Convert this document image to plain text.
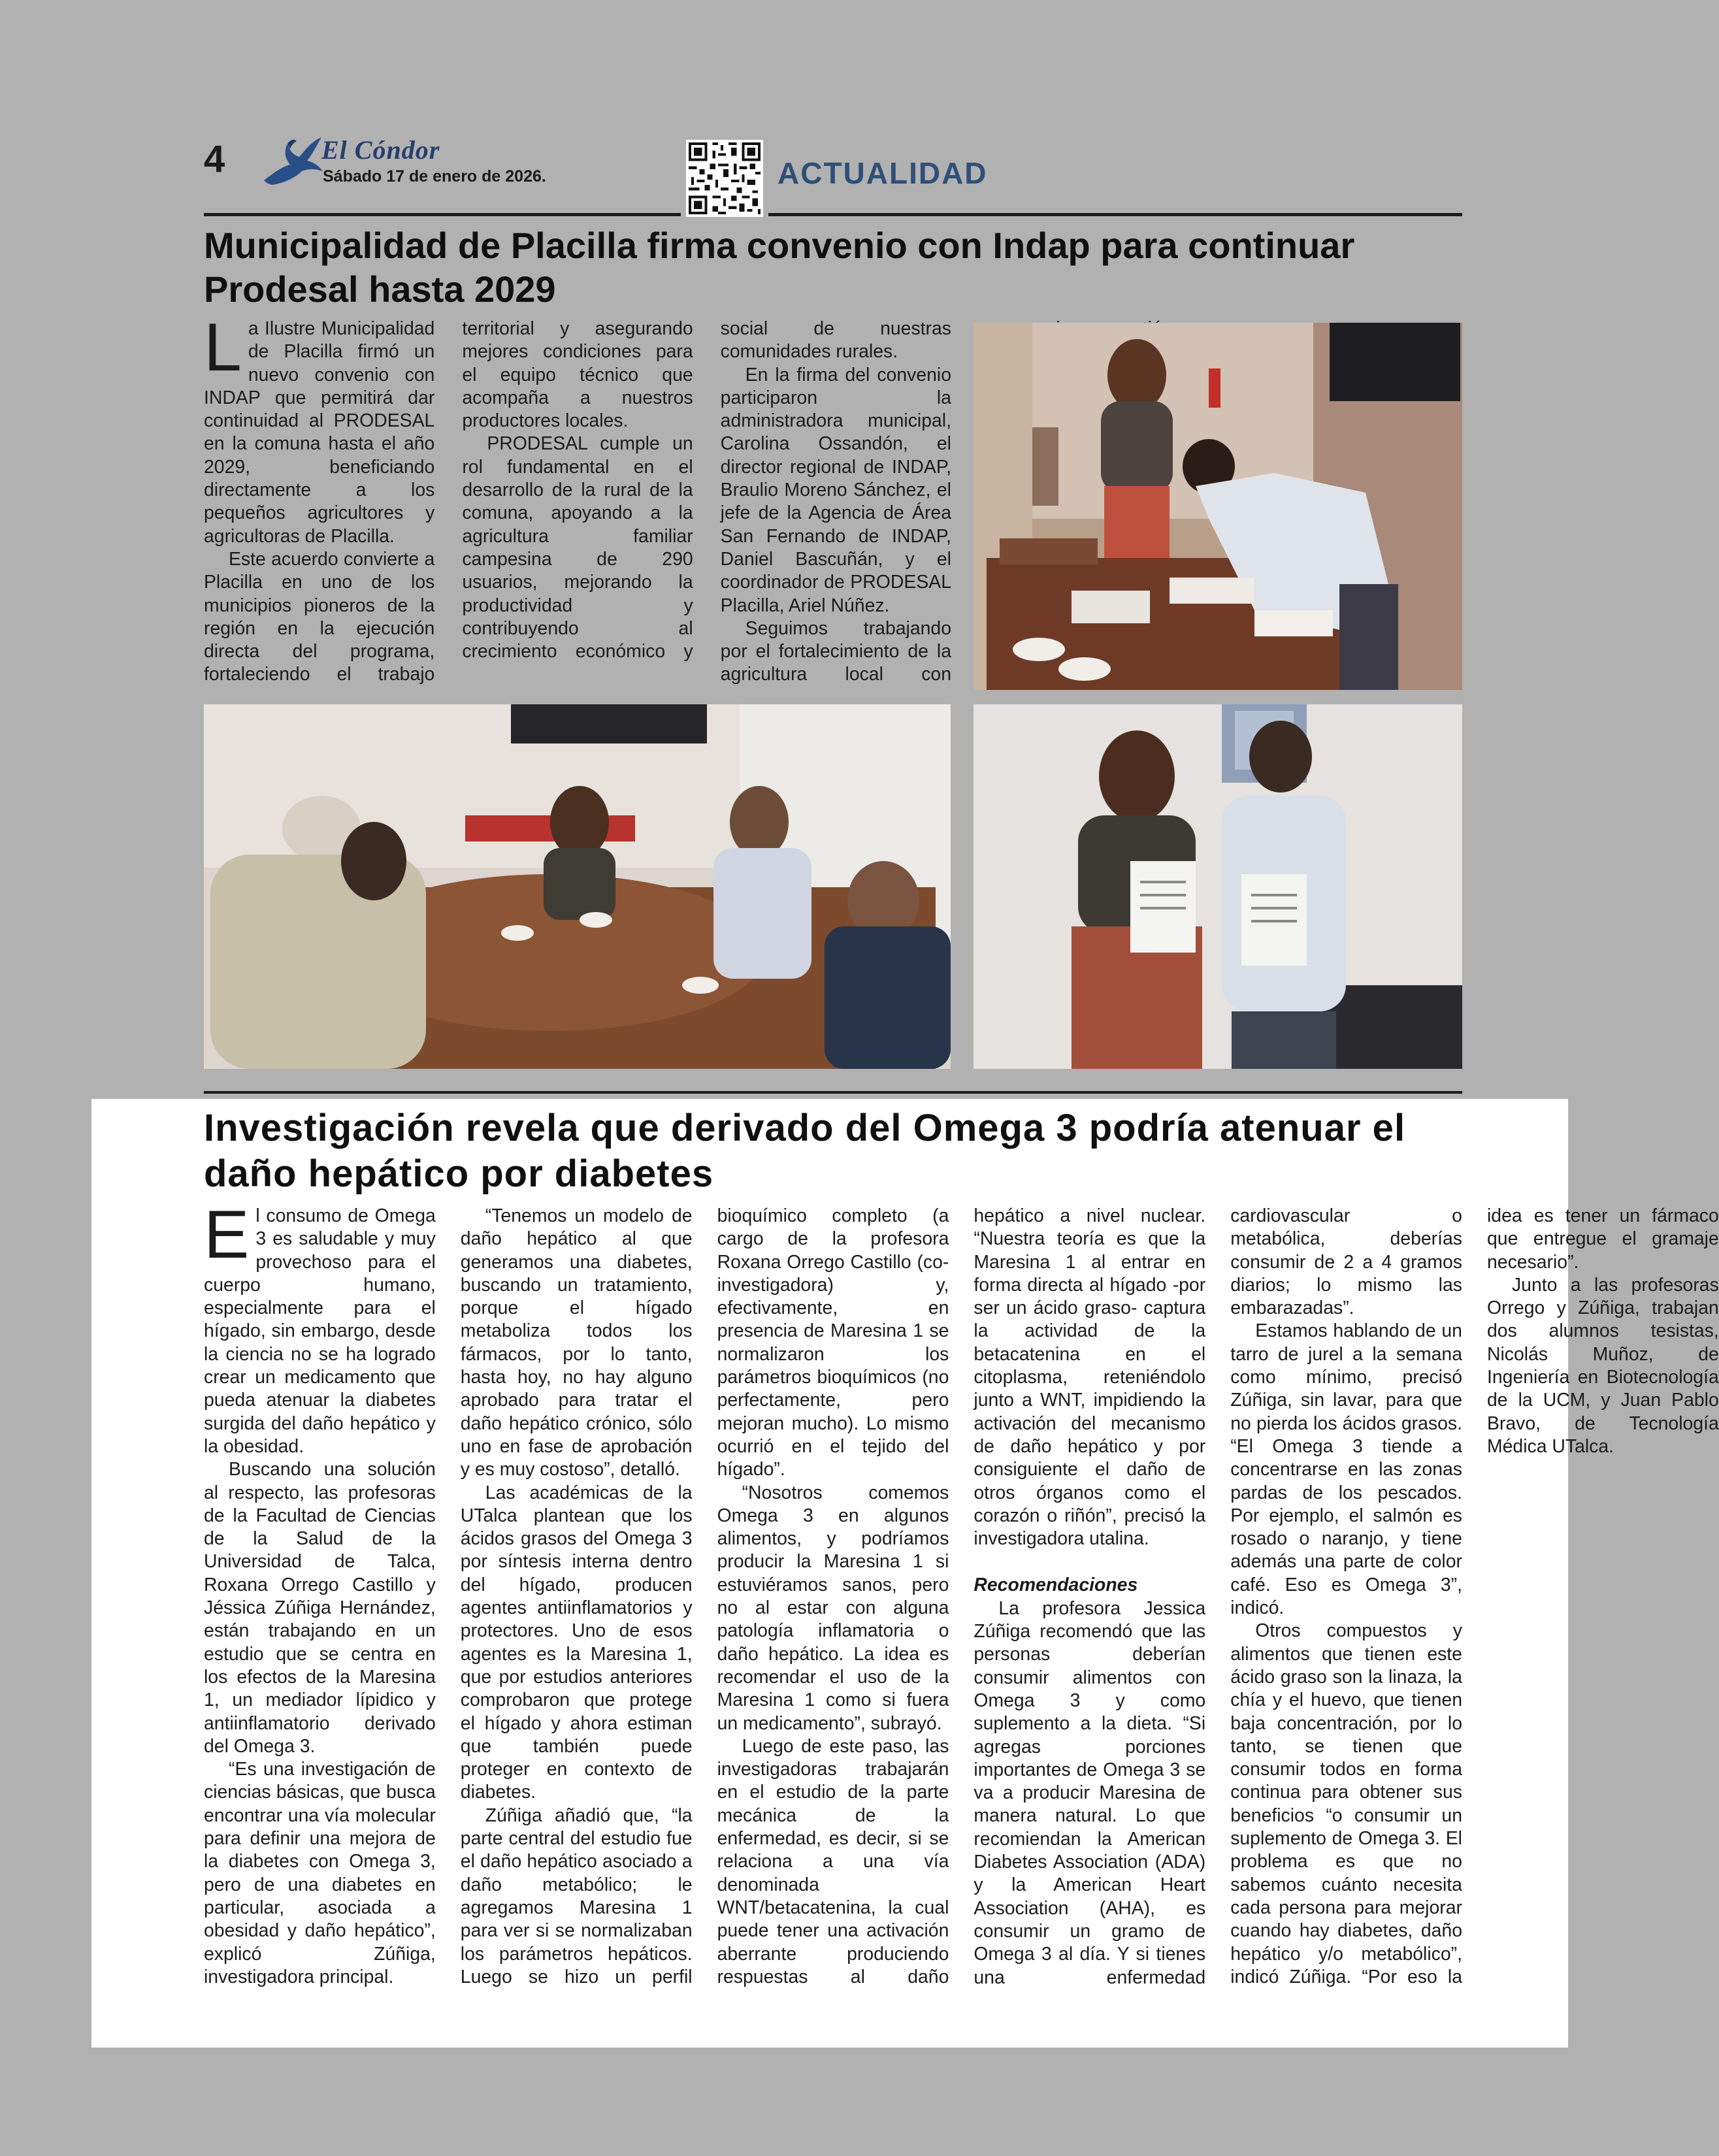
4	El Cóndor
Sábado 17 de enero de 2026.	ACTUALIDAD
Municipalidad de Placilla firma convenio con Indap para continuar Prodesal hasta 2029

La Ilustre Municipalidad de Placilla firmó un nuevo convenio con INDAP que permitirá dar continuidad al PRODESAL en la comuna hasta el año 2029, beneficiando directamente a los pequeños agricultores y agricultoras de Placilla.

Este acuerdo convierte a Placilla en uno de los municipios pioneros de la región en la ejecución directa del programa, fortaleciendo el trabajo territorial y asegurando mejores condiciones para el equipo técnico que acompaña a nuestros productores locales.

PRODESAL cumple un rol fundamental en el desarrollo de la rural de la comuna, apoyando a la agricultura familiar campesina de 290 usuarios, mejorando la productividad y contribuyendo al crecimiento económico y social de nuestras comunidades rurales.

En la firma del convenio participaron la administradora municipal, Carolina Ossandón, el director regional de INDAP, Braulio Moreno Sánchez, el jefe de la Agencia de Área San Fernando de INDAP, Daniel Bascuñán, y el coordinador de PRODESAL Placilla, Ariel Núñez.

Seguimos trabajando por el fortalecimiento de la agricultura local con

Investigación revela que derivado del Omega 3 podría atenuar el daño hepático por diabetes

El consumo de Omega 3 es saludable y muy provechoso para el cuerpo humano, especialmente para el hígado, sin embargo, desde la ciencia no se ha logrado crear un medicamento que pueda atenuar la diabetes surgida del daño hepático y la obesidad.

Buscando una solución al respecto, las profesoras de la Facultad de Ciencias de la Salud de la Universidad de Talca, Roxana Orrego Castillo y Jéssica Zúñiga Hernández, están trabajando en un estudio que se centra en los efectos de la Maresina 1, un mediador lípidico y antiinflamatorio derivado del Omega 3.

“Es una investigación de ciencias básicas, que busca encontrar una vía molecular para definir una mejora de la diabetes con Omega 3, pero de una diabetes en particular, asociada a obesidad y daño hepático”, explicó Zúñiga, investigadora principal.

“Tenemos un modelo de daño hepático al que generamos una diabetes, buscando un tratamiento, porque el hígado metaboliza todos los fármacos, por lo tanto, hasta hoy, no hay alguno aprobado para tratar el daño hepático crónico, sólo uno en fase de aprobación y es muy costoso”, detalló.

Las académicas de la UTalca plantean que los ácidos grasos del Omega 3 por síntesis interna dentro del hígado, producen agentes antiinflamatorios y protectores. Uno de esos agentes es la Maresina 1, que por estudios anteriores comprobaron que protege el hígado y ahora estiman que también puede proteger en contexto de diabetes.

Zúñiga añadió que, “la parte central del estudio fue el daño hepático asociado a daño metabólico; le agregamos Maresina 1 para ver si se normalizaban los parámetros hepáticos. Luego se hizo un perfil bioquímico completo (a cargo de la profesora Roxana Orrego Castillo (co-investigadora) y, efectivamente, en presencia de Maresina 1 se normalizaron los parámetros bioquímicos (no perfectamente, pero mejoran mucho). Lo mismo ocurrió en el tejido del hígado”.

“Nosotros comemos Omega 3 en algunos alimentos, y podríamos producir la Maresina 1 si estuviéramos sanos, pero no al estar con alguna patología inflamatoria o daño hepático. La idea es recomendar el uso de la Maresina 1 como si fuera un medicamento”, subrayó.

Luego de este paso, las investigadoras trabajarán en el estudio de la parte mecánica de la enfermedad, es decir, si se relaciona a una vía denominada WNT/betacatenina, la cual puede tener una activación aberrante produciendo respuestas al daño hepático a nivel nuclear. “Nuestra teoría es que la Maresina 1 al entrar en forma directa al hígado -por ser un ácido graso- captura la actividad de la betacatenina en el citoplasma, reteniéndolo junto a WNT, impidiendo la activación del mecanismo de daño hepático y por consiguiente el daño de otros órganos como el corazón o riñón”, precisó la investigadora utalina.

Recomendaciones

La profesora Jessica Zúñiga recomendó que las personas deberían consumir alimentos con Omega 3 y como suplemento a la dieta. “Si agregas porciones importantes de Omega 3 se va a producir Maresina de manera natural. Lo que recomiendan la American Diabetes Association (ADA) y la American Heart Association (AHA), es consumir un gramo de Omega 3 al día. Y si tienes una enfermedad cardiovascular o metabólica, deberías consumir de 2 a 4 gramos diarios; lo mismo las embarazadas”.

Estamos hablando de un tarro de jurel a la semana como mínimo, precisó Zúñiga, sin lavar, para que no pierda los ácidos grasos. “El Omega 3 tiende a concentrarse en las zonas pardas de los pescados. Por ejemplo, el salmón es rosado o naranjo, y tiene además una parte de color café. Eso es Omega 3”, indicó.

Otros compuestos y alimentos que tienen este ácido graso son la linaza, la chía y el huevo, que tienen baja concentración, por lo tanto, se tienen que consumir todos en forma continua para obtener sus beneficios “o consumir un suplemento de Omega 3. El problema es que no sabemos cuánto necesita cada persona para mejorar cuando hay diabetes, daño hepático y/o metabólico”, indicó Zúñiga. “Por eso la idea es tener un fármaco que entregue el gramaje necesario”.

Junto a las profesoras Orrego y Zúñiga, trabajan dos alumnos tesistas, Nicolás Muñoz, de Ingeniería en Biotecnología de la UCM, y Juan Pablo Bravo, de Tecnología Médica UTalca.
